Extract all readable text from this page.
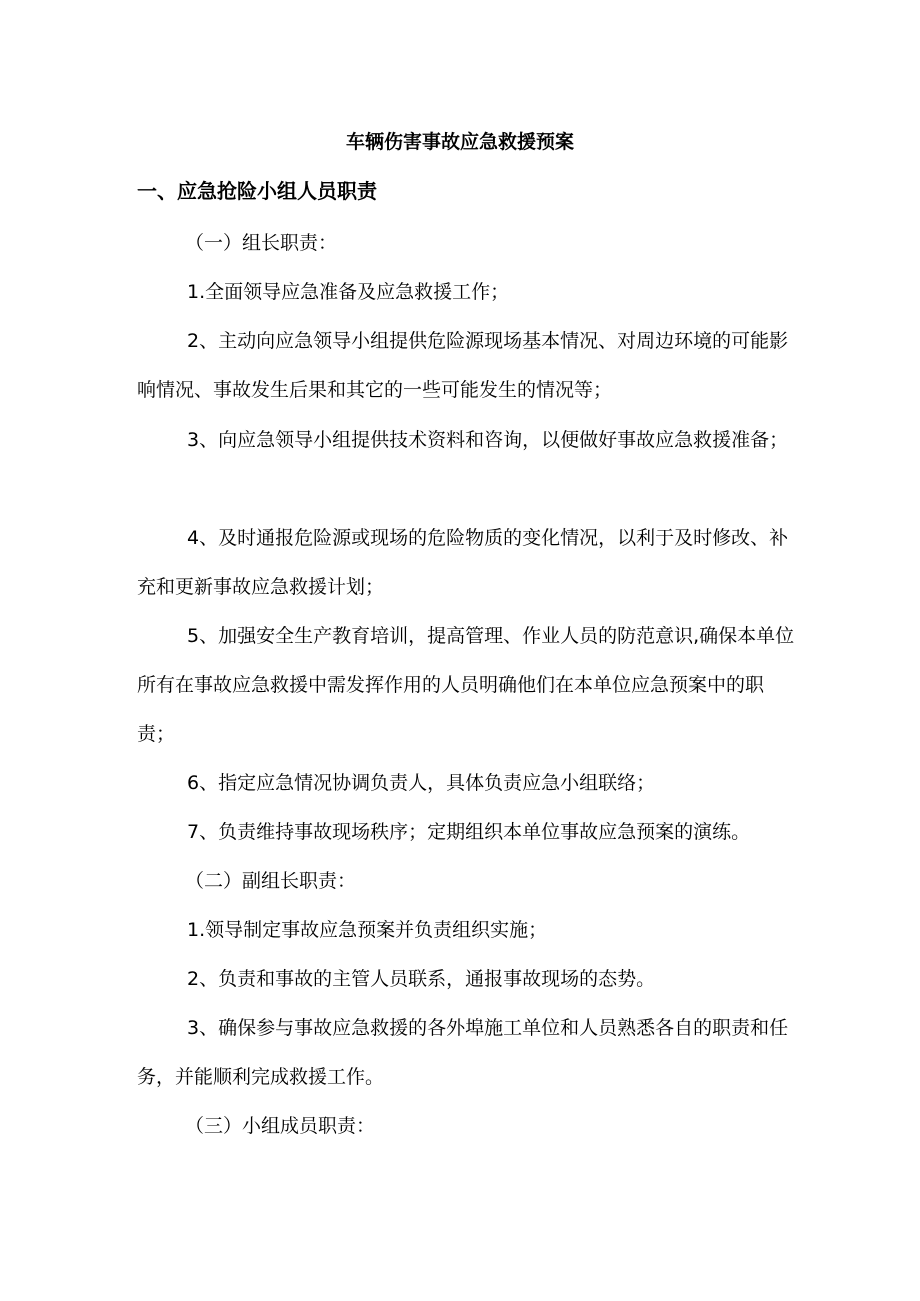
车辆伤害事故应急救援预案
一、应急抢险小组人员职责

（一）组长职责：

1.全面领导应急准备及应急救援工作；

2、主动向应急领导小组提供危险源现场基本情况、对周边环境的可能影响情况、事故发生后果和其它的一些可能发生的情况等；

3、向应急领导小组提供技术资料和咨询，以便做好事故应急救援准备；

4、及时通报危险源或现场的危险物质的变化情况，以利于及时修改、补充和更新事故应急救援计划；

5、加强安全生产教育培训，提高管理、作业人员的防范意识,确保本单位所有在事故应急救援中需发挥作用的人员明确他们在本单位应急预案中的职责；

6、指定应急情况协调负责人，具体负责应急小组联络；

7、负责维持事故现场秩序；定期组织本单位事故应急预案的演练。

（二）副组长职责：

1.领导制定事故应急预案并负责组织实施；

2、负责和事故的主管人员联系，通报事故现场的态势。

3、确保参与事故应急救援的各外埠施工单位和人员熟悉各自的职责和任务，并能顺利完成救援工作。

（三）小组成员职责：
